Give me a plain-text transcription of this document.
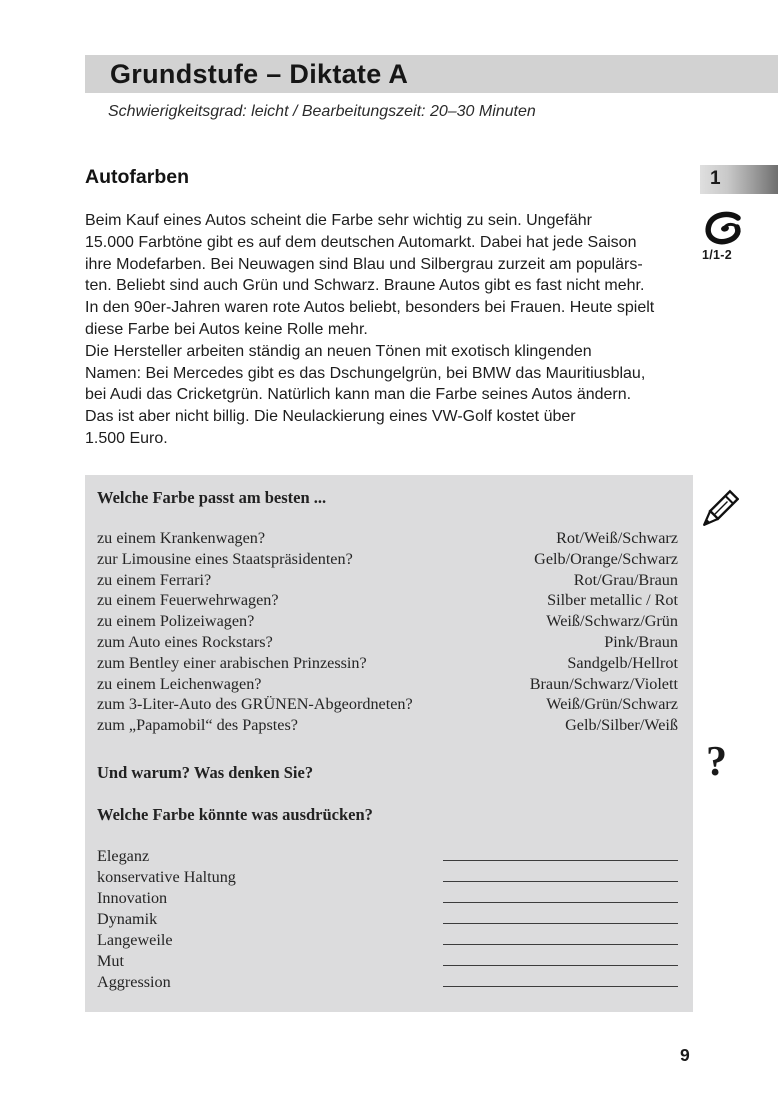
Grundstufe – Diktate A
Schwierigkeitsgrad: leicht / Bearbeitungszeit: 20–30 Minuten
Autofarben	1
Beim Kauf eines Autos scheint die Farbe sehr wichtig zu sein. Ungefähr
15.000 Farbtöne gibt es auf dem deutschen Automarkt. Dabei hat jede Saison
ihre Modefarben. Bei Neuwagen sind Blau und Silbergrau zurzeit am populärs-
ten. Beliebt sind auch Grün und Schwarz. Braune Autos gibt es fast nicht mehr.
In den 90er-Jahren waren rote Autos beliebt, besonders bei Frauen. Heute spielt
diese Farbe bei Autos keine Rolle mehr.
Die Hersteller arbeiten ständig an neuen Tönen mit exotisch klingenden
Namen: Bei Mercedes gibt es das Dschungelgrün, bei BMW das Mauritiusblau,
bei Audi das Cricketgrün. Natürlich kann man die Farbe seines Autos ändern.
Das ist aber nicht billig. Die Neulackierung eines VW-Golf kostet über
1.500 Euro.
1/1-2
Welche Farbe passt am besten ...
zu einem Krankenwagen?	Rot/Weiß/Schwarz
zur Limousine eines Staatspräsidenten?	Gelb/Orange/Schwarz
zu einem Ferrari?	Rot/Grau/Braun
zu einem Feuerwehrwagen?	Silber metallic / Rot
zu einem Polizeiwagen?	Weiß/Schwarz/Grün
zum Auto eines Rockstars?	Pink/Braun
zum Bentley einer arabischen Prinzessin?	Sandgelb/Hellrot
zu einem Leichenwagen?	Braun/Schwarz/Violett
zum 3-Liter-Auto des GRÜNEN-Abgeordneten?	Weiß/Grün/Schwarz
zum „Papamobil“ des Papstes?	Gelb/Silber/Weiß
Und warum? Was denken Sie?
Welche Farbe könnte was ausdrücken?
Eleganz
konservative Haltung
Innovation
Dynamik
Langeweile
Mut
Aggression
?
9
